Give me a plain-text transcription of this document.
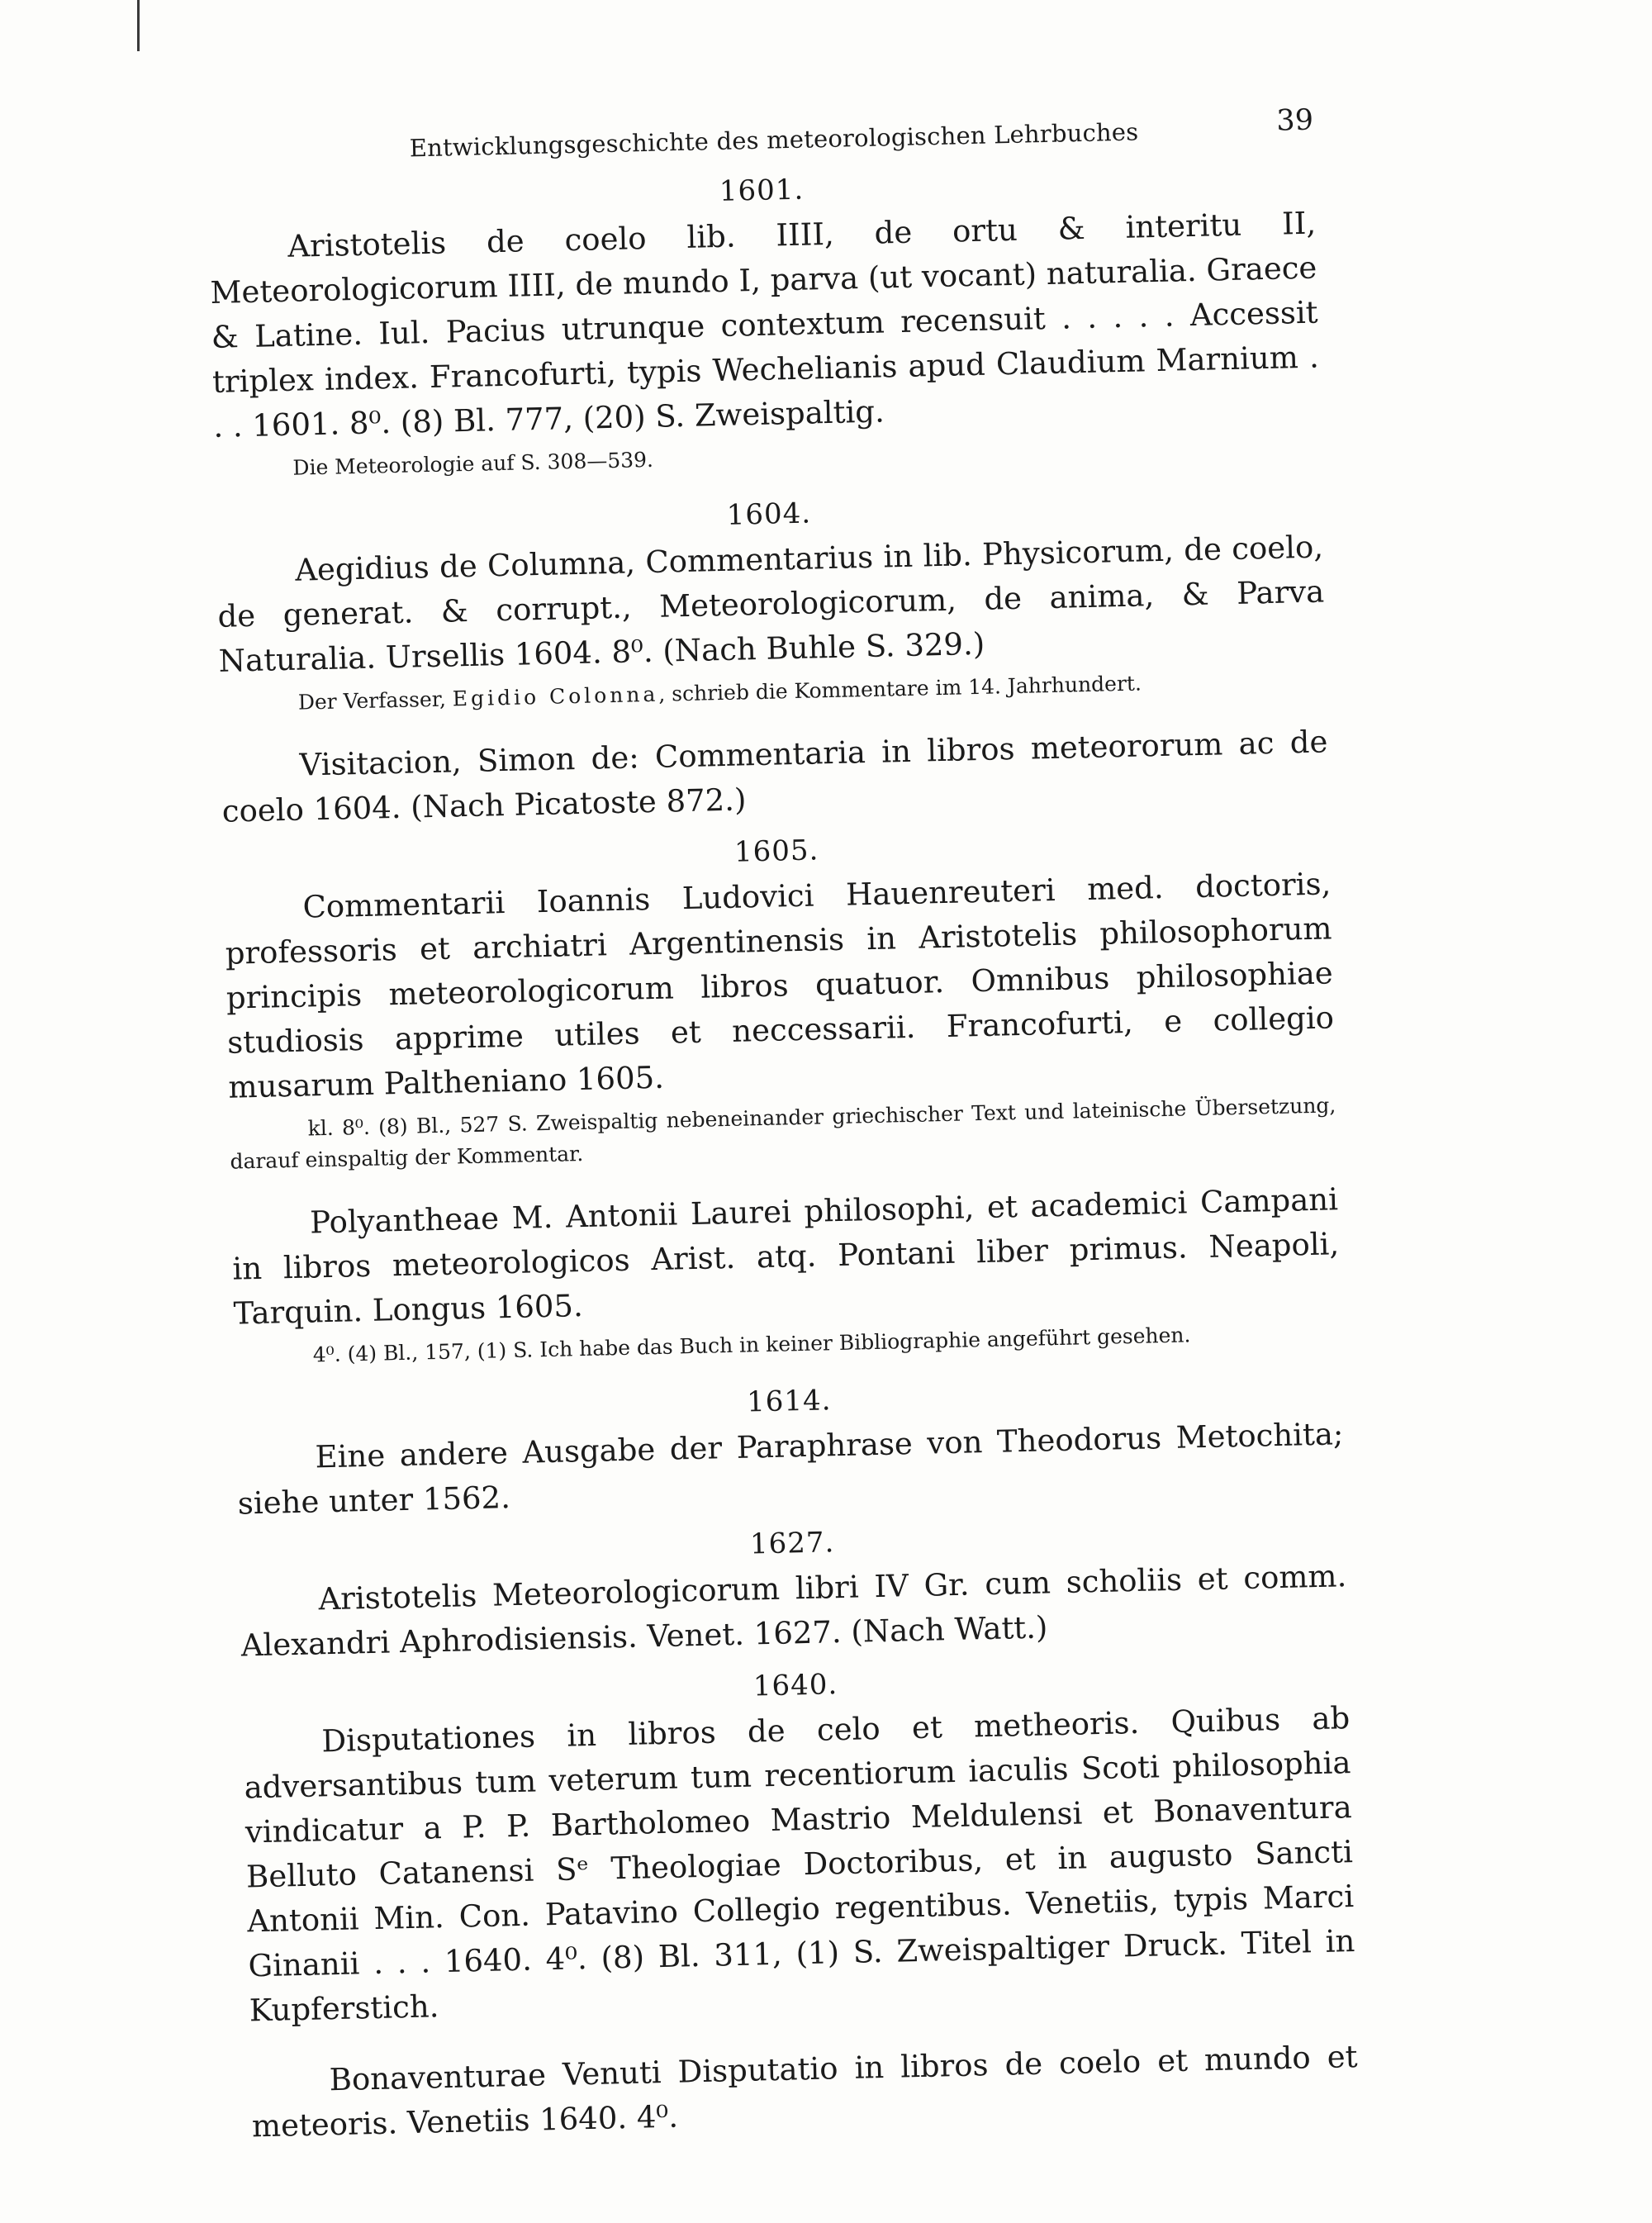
Entwicklungsgeschichte des meteorologischen Lehrbuches	39
1601.

Aristotelis de coelo lib. IIII, de ortu & interitu II, Meteorologicorum IIII, de mundo I, parva (ut vocant) naturalia. Graece & Latine. Iul. Pacius utrunque contextum recensuit . . . . . Accessit triplex index. Francofurti, typis Wechelianis apud Claudium Marnium . . . 1601. 8⁰. (8) Bl. 777, (20) S. Zweispaltig.

Die Meteorologie auf S. 308—539.

1604.

Aegidius de Columna, Commentarius in lib. Physicorum, de coelo, de generat. & corrupt., Meteorologicorum, de anima, & Parva Naturalia. Ursellis 1604. 8⁰. (Nach Buhle S. 329.)

Der Verfasser, Egidio Colonna, schrieb die Kommentare im 14. Jahrhundert.

Visitacion, Simon de: Commentaria in libros meteororum ac de coelo 1604. (Nach Picatoste 872.)

1605.

Commentarii Ioannis Ludovici Hauenreuteri med. doctoris, professoris et archiatri Argentinensis in Aristotelis philosophorum principis meteorologicorum libros quatuor. Omnibus philosophiae studiosis apprime utiles et neccessarii. Francofurti, e collegio musarum Paltheniano 1605.

kl. 8⁰. (8) Bl., 527 S. Zweispaltig nebeneinander griechischer Text und lateinische Übersetzung, darauf einspaltig der Kommentar.

Polyantheae M. Antonii Laurei philosophi, et academici Campani in libros meteorologicos Arist. atq. Pontani liber primus. Neapoli, Tarquin. Longus 1605.

4⁰. (4) Bl., 157, (1) S. Ich habe das Buch in keiner Bibliographie angeführt gesehen.

1614.

Eine andere Ausgabe der Paraphrase von Theodorus Metochita; siehe unter 1562.

1627.

Aristotelis Meteorologicorum libri IV Gr. cum scholiis et comm. Alexandri Aphrodisiensis. Venet. 1627. (Nach Watt.)

1640.

Disputationes in libros de celo et metheoris. Quibus ab adversantibus tum veterum tum recentiorum iaculis Scoti philosophia vindicatur a P. P. Bartholomeo Mastrio Meldulensi et Bonaventura Belluto Catanensi Sᵉ Theologiae Doctoribus, et in augusto Sancti Antonii Min. Con. Patavino Collegio regentibus. Venetiis, typis Marci Ginanii . . . 1640. 4⁰. (8) Bl. 311, (1) S. Zweispaltiger Druck. Titel in Kupferstich.

Bonaventurae Venuti Disputatio in libros de coelo et mundo et meteoris. Venetiis 1640. 4⁰.
